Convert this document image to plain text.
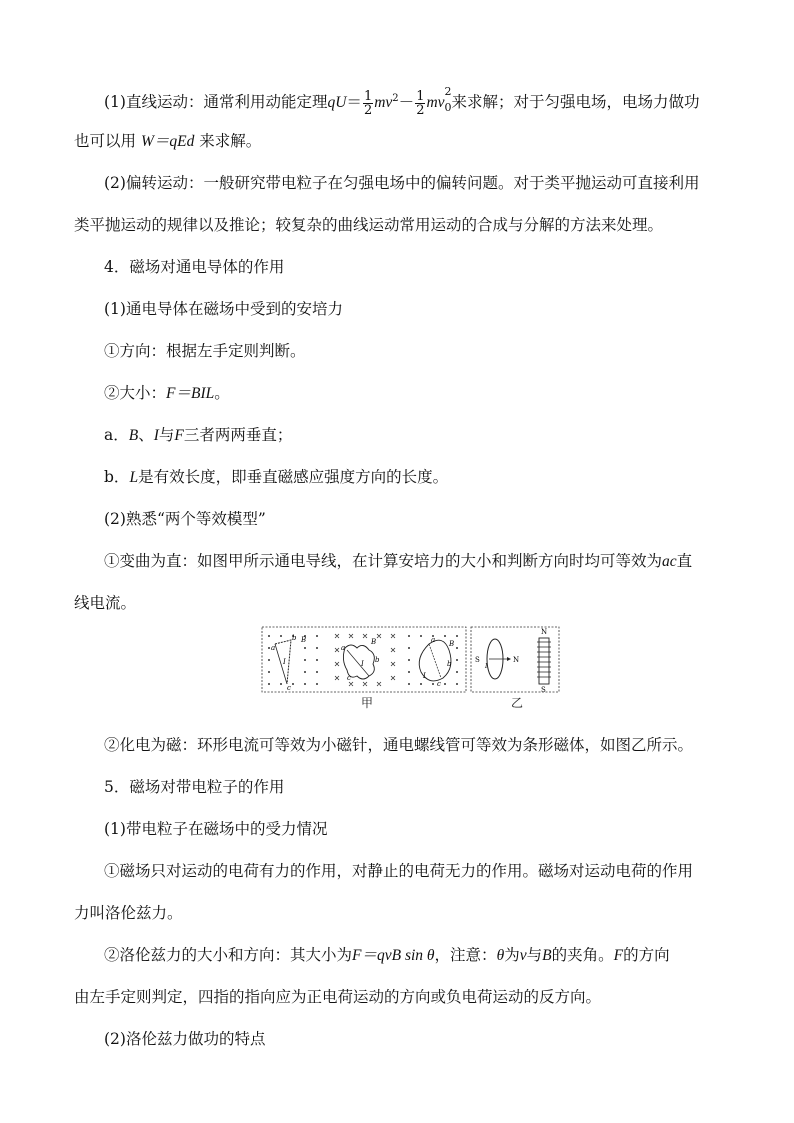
(1)直线运动：通常利用动能定理$qU= \frac{1}{2} mv^2- \frac{1}{2}$ mv
2
$_0$来求解；对于匀强电场，电场力做功
也可以用 W＝qEd 来求解。
(2)偏转运动：一般研究带电粒子在匀强电场中的偏转问题。对于类平抛运动可直接利用
类平抛运动的规律以及推论；较复杂的曲线运动常用运动的合成与分解的方法来处理。
4．磁场对通电导体的作用
(1)通电导体在磁场中受到的安培力
①方向：根据左手定则判断。
②大小：F＝BIL。
a．B、I与F三者两两垂直；
b．L是有效长度，即垂直磁感应强度方向的长度。
(2)熟悉“两个等效模型”
①变曲为直：如图甲所示通电导线，在计算安培力的大小和判断方向时均可等效为ac直
线电流。
a
b
c
I
B
a
b
c
I
B	a
b
c
I
B
S	N
I
N
S
甲	乙
②化电为磁：环形电流可等效为小磁针，通电螺线管可等效为条形磁体，如图乙所示。
5．磁场对带电粒子的作用
(1)带电粒子在磁场中的受力情况
①磁场只对运动的电荷有力的作用，对静止的电荷无力的作用。磁场对运动电荷的作用
力叫洛伦兹力。
②洛伦兹力的大小和方向：其大小为F＝qvB sin θ，注意：θ为v与B的夹角。F的方向
由左手定则判定，四指的指向应为正电荷运动的方向或负电荷运动的反方向。
(2)洛伦兹力做功的特点
